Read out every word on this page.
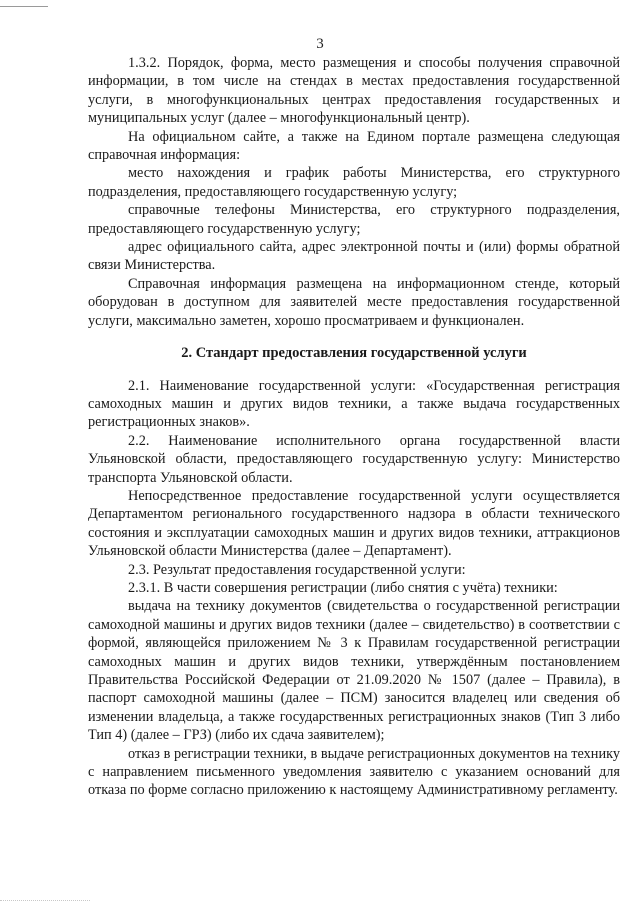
3

1.3.2. Порядок, форма, место размещения и способы получения справочной информации, в том числе на стендах в местах предоставления государственной услуги, в многофункциональных центрах предоставления государственных и муниципальных услуг (далее – многофункциональный центр).

На официальном сайте, а также на Едином портале размещена следующая справочная информация:

место нахождения и график работы Министерства, его структурного подразделения, предоставляющего государственную услугу;

справочные телефоны Министерства, его структурного подразделения, предоставляющего государственную услугу;

адрес официального сайта, адрес электронной почты и (или) формы обратной связи Министерства.

Справочная информация размещена на информационном стенде, который оборудован в доступном для заявителей месте предоставления государственной услуги, максимально заметен, хорошо просматриваем и функционален.

2. Стандарт предоставления государственной услуги

2.1. Наименование государственной услуги: «Государственная регистрация самоходных машин и других видов техники, а также выдача государственных регистрационных знаков».

2.2. Наименование исполнительного органа государственной власти Ульяновской области, предоставляющего государственную услугу: Министерство транспорта Ульяновской области.

Непосредственное предоставление государственной услуги осуществляется Департаментом регионального государственного надзора в области технического состояния и эксплуатации самоходных машин и других видов техники, аттракционов Ульяновской области Министерства (далее – Департамент).

2.3. Результат предоставления государственной услуги:

2.3.1. В части совершения регистрации (либо снятия с учёта) техники:

выдача на технику документов (свидетельства о государственной регистрации самоходной машины и других видов техники (далее – свидетельство) в соответствии с формой, являющейся приложением № 3 к Правилам государственной регистрации самоходных машин и других видов техники, утверждённым постановлением Правительства Российской Федерации от 21.09.2020 № 1507 (далее – Правила), в паспорт самоходной машины (далее – ПСМ) заносится владелец или сведения об изменении владельца, а также государственных регистрационных знаков (Тип 3 либо Тип 4) (далее – ГРЗ) (либо их сдача заявителем);

отказ в регистрации техники, в выдаче регистрационных документов на технику с направлением письменного уведомления заявителю с указанием оснований для отказа по форме согласно приложению к настоящему Административному регламенту.
